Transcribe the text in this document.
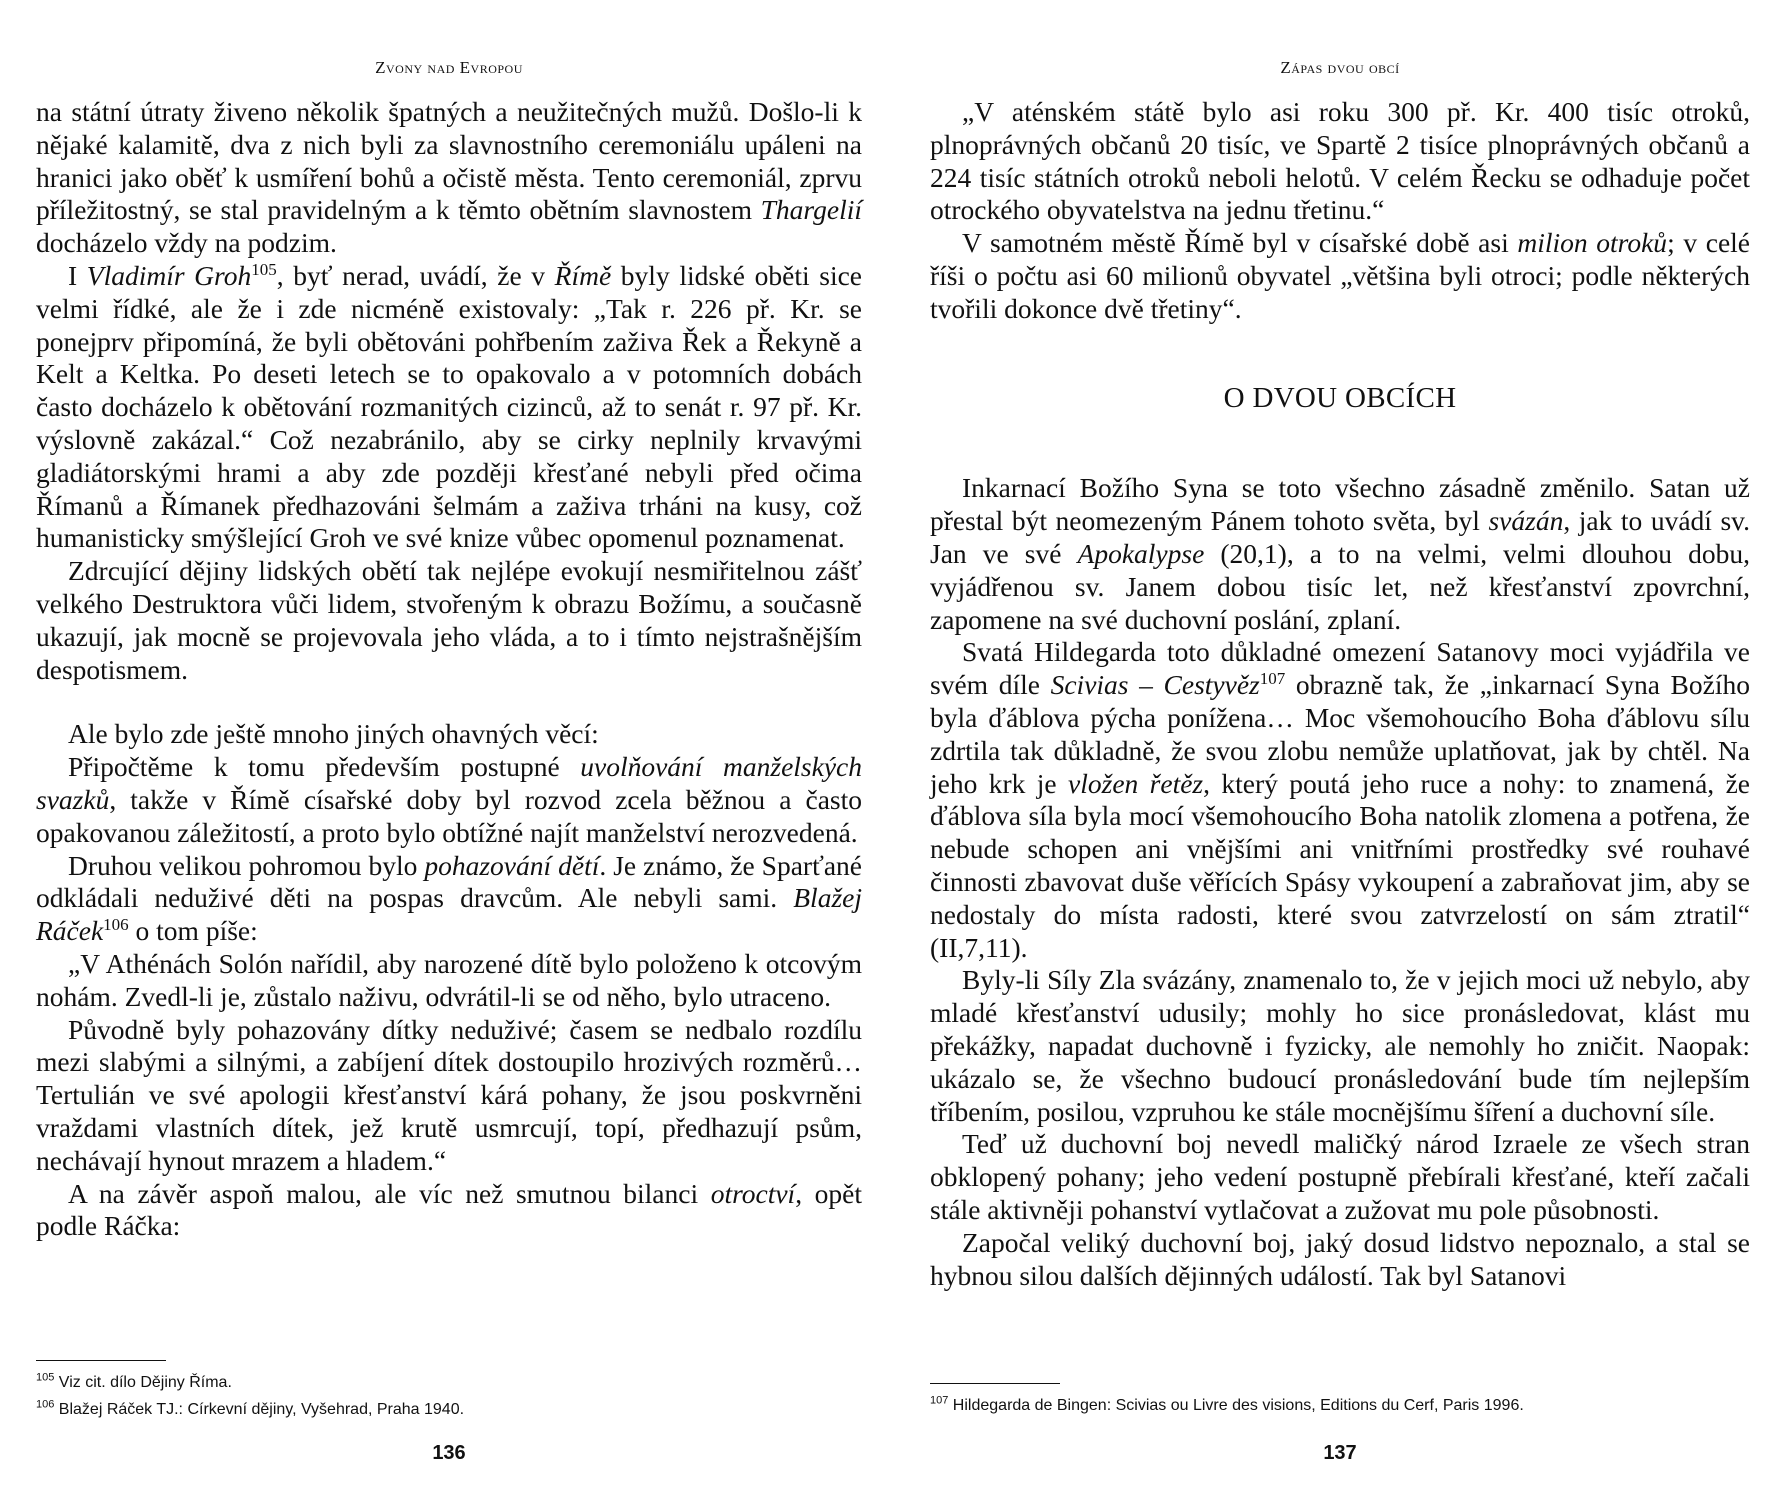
Zvony nad Evropou

na státní útraty živeno několik špatných a neužitečných mužů. Došlo-li k nějaké kalamitě, dva z nich byli za slavnostního ceremoniálu upáleni na hranici jako oběť k usmíření bohů a očistě města. Tento ceremoniál, zprvu příležitostný, se stal pravidelným a k těmto obětním slavnostem Thargelií docházelo vždy na podzim.

I Vladimír Groh$^{105}$, byť nerad, uvádí, že v Římě byly lidské oběti sice velmi řídké, ale že i zde nicméně existovaly: „Tak r. 226 př. Kr. se ponejprv připomíná, že byli obětováni pohřbením zaživa Řek a Řekyně a Kelt a Keltka. Po deseti letech se to opakovalo a v potomních dobách často docházelo k obětování rozmanitých cizinců, až to senát r. 97 př. Kr. výslovně zakázal.“ Což nezabránilo, aby se cirky neplnily krvavými gladiátorskými hrami a aby zde později křesťané nebyli před očima Římanů a Římanek předhazováni šelmám a zaživa trháni na kusy, což humanisticky smýšlející Groh ve své knize vůbec opomenul poznamenat.

Zdrcující dějiny lidských obětí tak nejlépe evokují nesmiřitelnou zášť velkého Destruktora vůči lidem, stvořeným k obrazu Božímu, a současně ukazují, jak mocně se projevovala jeho vláda, a to i tímto nejstrašnějším despotismem.

Ale bylo zde ještě mnoho jiných ohavných věcí:

Připočtěme k tomu především postupné uvolňování manželských svazků, takže v Římě císařské doby byl rozvod zcela běžnou a často opakovanou záležitostí, a proto bylo obtížné najít manželství nerozvedená.

Druhou velikou pohromou bylo pohazování dětí. Je známo, že Sparťané odkládali neduživé děti na pospas dravcům. Ale nebyli sami. Blažej Ráček$^{106}$ o tom píše:

„V Athénách Solón nařídil, aby narozené dítě bylo položeno k otcovým nohám. Zvedl-li je, zůstalo naživu, odvrátil-li se od něho, bylo utraceno.

Původně byly pohazovány dítky neduživé; časem se nedbalo rozdílu mezi slabými a silnými, a zabíjení dítek dostoupilo hrozivých rozměrů… Tertulián ve své apologii křesťanství kárá pohany, že jsou poskvrněni vraždami vlastních dítek, jež krutě usmrcují, topí, předhazují psům, nechávají hynout mrazem a hladem.“

A na závěr aspoň malou, ale víc než smutnou bilanci otroctví, opět podle Ráčka:

$^{105}$ Viz cit. dílo Dějiny Říma.
$^{106}$ Blažej Ráček TJ.: Církevní dějiny, Vyšehrad, Praha 1940.
136
Zápas dvou obcí

„V aténském státě bylo asi roku 300 př. Kr. 400 tisíc otroků, plnoprávných občanů 20 tisíc, ve Spartě 2 tisíce plnoprávných občanů a 224 tisíc státních otroků neboli helotů. V celém Řecku se odhaduje počet otrockého obyvatelstva na jednu třetinu.“

V samotném městě Římě byl v císařské době asi milion otroků; v celé říši o počtu asi 60 milionů obyvatel „většina byli otroci; podle některých tvořili dokonce dvě třetiny“.

O DVOU OBCÍCH

Inkarnací Božího Syna se toto všechno zásadně změnilo. Satan už přestal být neomezeným Pánem tohoto světa, byl svázán, jak to uvádí sv. Jan ve své Apokalypse (20,1), a to na velmi, velmi dlouhou dobu, vyjádřenou sv. Janem dobou tisíc let, než křesťanství zpovrchní, zapomene na své duchovní poslání, zplaní.

Svatá Hildegarda toto důkladné omezení Satanovy moci vyjádřila ve svém díle Scivias – Cestyvěz$^{107}$ obrazně tak, že „inkarnací Syna Božího byla ďáblova pýcha ponížena… Moc všemohoucího Boha ďáblovu sílu zdrtila tak důkladně, že svou zlobu nemůže uplatňovat, jak by chtěl. Na jeho krk je vložen řetěz, který poutá jeho ruce a nohy: to znamená, že ďáblova síla byla mocí všemohoucího Boha natolik zlomena a potřena, že nebude schopen ani vnějšími ani vnitřními prostředky své rouhavé činnosti zbavovat duše věřících Spásy vykoupení a zabraňovat jim, aby se nedostaly do místa radosti, které svou zatvrzelostí on sám ztratil“ (II,7,11).

Byly-li Síly Zla svázány, znamenalo to, že v jejich moci už nebylo, aby mladé křesťanství udusily; mohly ho sice pronásledovat, klást mu překážky, napadat duchovně i fyzicky, ale nemohly ho zničit. Naopak: ukázalo se, že všechno budoucí pronásledování bude tím nejlepším tříbením, posilou, vzpruhou ke stále mocnějšímu šíření a duchovní síle.

Teď už duchovní boj nevedl maličký národ Izraele ze všech stran obklopený pohany; jeho vedení postupně přebírali křesťané, kteří začali stále aktivněji pohanství vytlačovat a zužovat mu pole působnosti.

Započal veliký duchovní boj, jaký dosud lidstvo nepoznalo, a stal se hybnou silou dalších dějinných událostí. Tak byl Satanovi

$^{107}$ Hildegarda de Bingen: Scivias ou Livre des visions, Editions du Cerf, Paris 1996.
137
